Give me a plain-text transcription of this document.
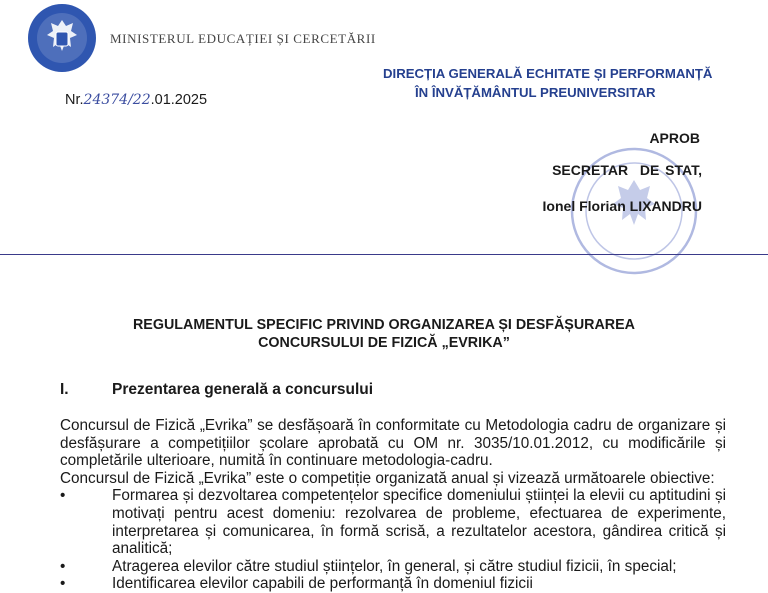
MINISTERUL EDUCAȚIEI ȘI CERCETĂRII
DIRECȚIA GENERALĂ ECHITATE ȘI PERFORMANȚĂ
ÎN ÎNVĂȚĂMÂNTUL PREUNIVERSITAR
Nr.24374/22.01.2025
APROB
SECRETAR  DE STAT,
Ionel Florian LIXANDRU
REGULAMENTUL SPECIFIC PRIVIND ORGANIZAREA ȘI DESFĂȘURAREA
CONCURSULUI DE FIZICĂ „EVRIKA”
I.	Prezentarea generală a concursului

Concursul de Fizică „Evrika” se desfășoară în conformitate cu Metodologia cadru de organizare și desfășurare a competițiilor școlare aprobată cu OM nr. 3035/10.01.2012, cu modificările și completările ulterioare, numită în continuare metodologia-cadru.

Concursul de Fizică „Evrika” este o competiție organizată anual și vizează următoarele obiective:

•	Formarea și dezvoltarea competențelor specifice domeniului științei la elevii cu aptitudini și motivați pentru acest domeniu: rezolvarea de probleme, efectuarea de experimente, interpretarea și comunicarea, în formă scrisă, a rezultatelor acestora, gândirea critică și analitică;

•	Atragerea elevilor către studiul științelor, în general, și către studiul fizicii, în special;

•	Identificarea elevilor capabili de performanță în domeniul fizicii
